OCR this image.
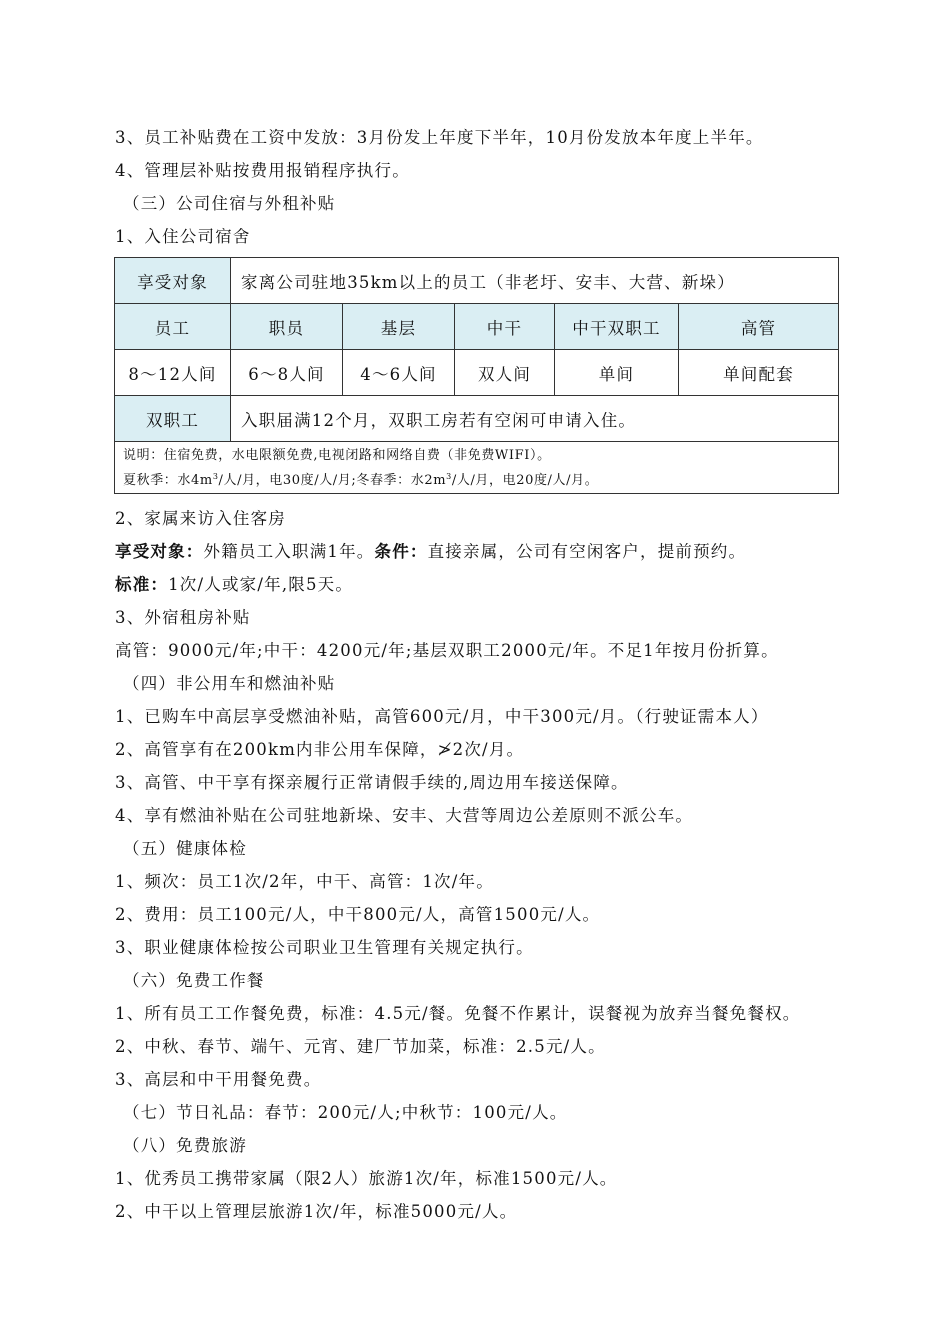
3、员工补贴费在工资中发放：3月份发上年度下半年，10月份发放本年度上半年。
4、管理层补贴按费用报销程序执行。
（三）公司住宿与外租补贴
1、入住公司宿舍
享受对象	家离公司驻地35km以上的员工（非老圩、安丰、大营、新垛）				
员工	职员	基层	中干	中干双职工	高管
8～12人间	6～8人间	4～6人间	双人间	单间	单间配套
双职工	入职届满12个月，双职工房若有空闲可申请入住。				

说明：住宿免费，水电限额免费,电视闭路和网络自费（非免费WIFI）。
夏秋季：水$4m^3/$人/月，电30度/人/月;冬春季：水$2m^3/$人/月，电20度/人/月。					
2、家属来访入住客房
享受对象：外籍员工入职满1年。条件：直接亲属，公司有空闲客户，提前预约。
标准：1次/人或家/年,限5天。
3、外宿租房补贴
高管：9000元/年;中干：4200元/年;基层双职工2000元/年。不足1年按月份折算。
（四）非公用车和燃油补贴
1、已购车中高层享受燃油补贴，高管600元/月，中干300元/月。（行驶证需本人）
2、高管享有在200km内非公用车保障，≯2次/月。
3、高管、中干享有探亲履行正常请假手续的,周边用车接送保障。
4、享有燃油补贴在公司驻地新垛、安丰、大营等周边公差原则不派公车。
（五）健康体检
1、频次：员工1次/2年，中干、高管：1次/年。
2、费用：员工100元/人，中干800元/人，高管1500元/人。
3、职业健康体检按公司职业卫生管理有关规定执行。
（六）免费工作餐
1、所有员工工作餐免费，标准：4.5元/餐。免餐不作累计，误餐视为放弃当餐免餐权。
2、中秋、春节、端午、元宵、建厂节加菜，标准：2.5元/人。
3、高层和中干用餐免费。
（七）节日礼品：春节：200元/人;中秋节：100元/人。
（八）免费旅游
1、优秀员工携带家属（限2人）旅游1次/年，标准1500元/人。
2、中干以上管理层旅游1次/年，标准5000元/人。
